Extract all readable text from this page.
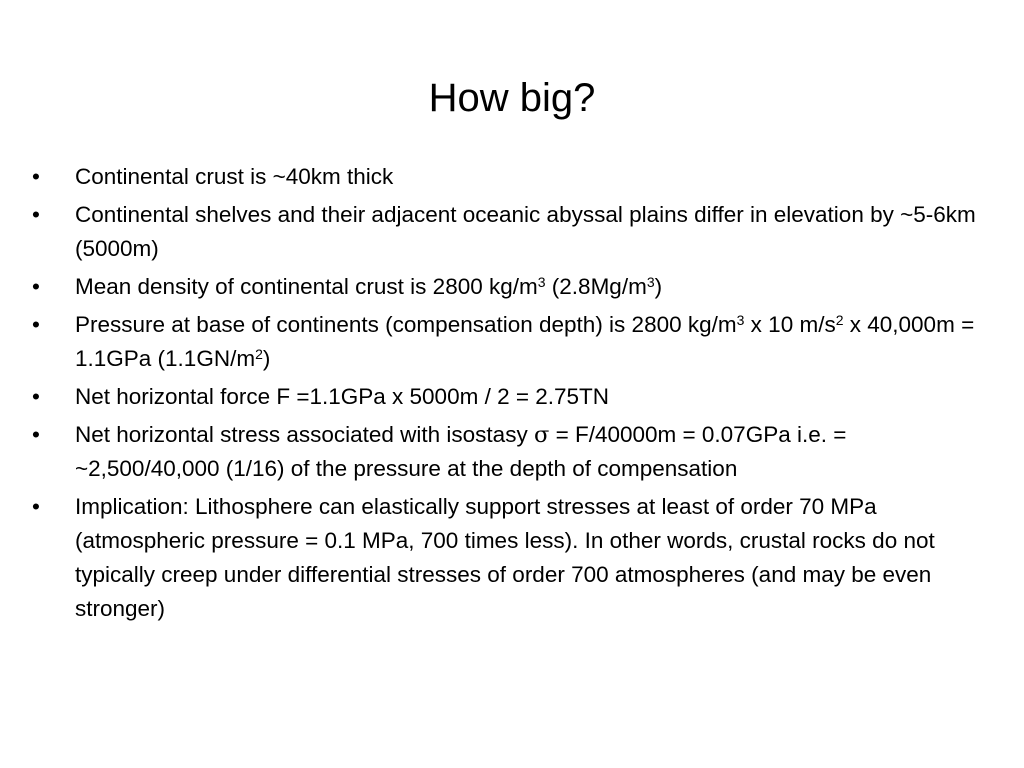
How big?
•	Continental crust is ~40km thick
•	Continental shelves and their adjacent oceanic abyssal plains differ in elevation by ~5-6km (5000m)
•	Mean density of continental crust is 2800 $kg/m^3$ $(2.8Mg/m^3)$
•	Pressure at base of continents (compensation depth) is 2800 $kg/m^3$ x 10 $m/s^2$ x 40,000m = 1.1GPa $(1.1GN/m^2)$
•	Net horizontal force F =1.1GPa x 5000m / 2 = 2.75TN
•	Net horizontal stress associated with isostasy σ = F/40000m = 0.07GPa i.e. = ~2,500/40,000 (1/16) of the pressure at the depth of compensation
•	Implication: Lithosphere can elastically support stresses at least of order 70 MPa (atmospheric pressure = 0.1 MPa, 700 times less). In other words, crustal rocks do not typically creep under differential stresses of order 700 atmospheres (and may be even stronger)
